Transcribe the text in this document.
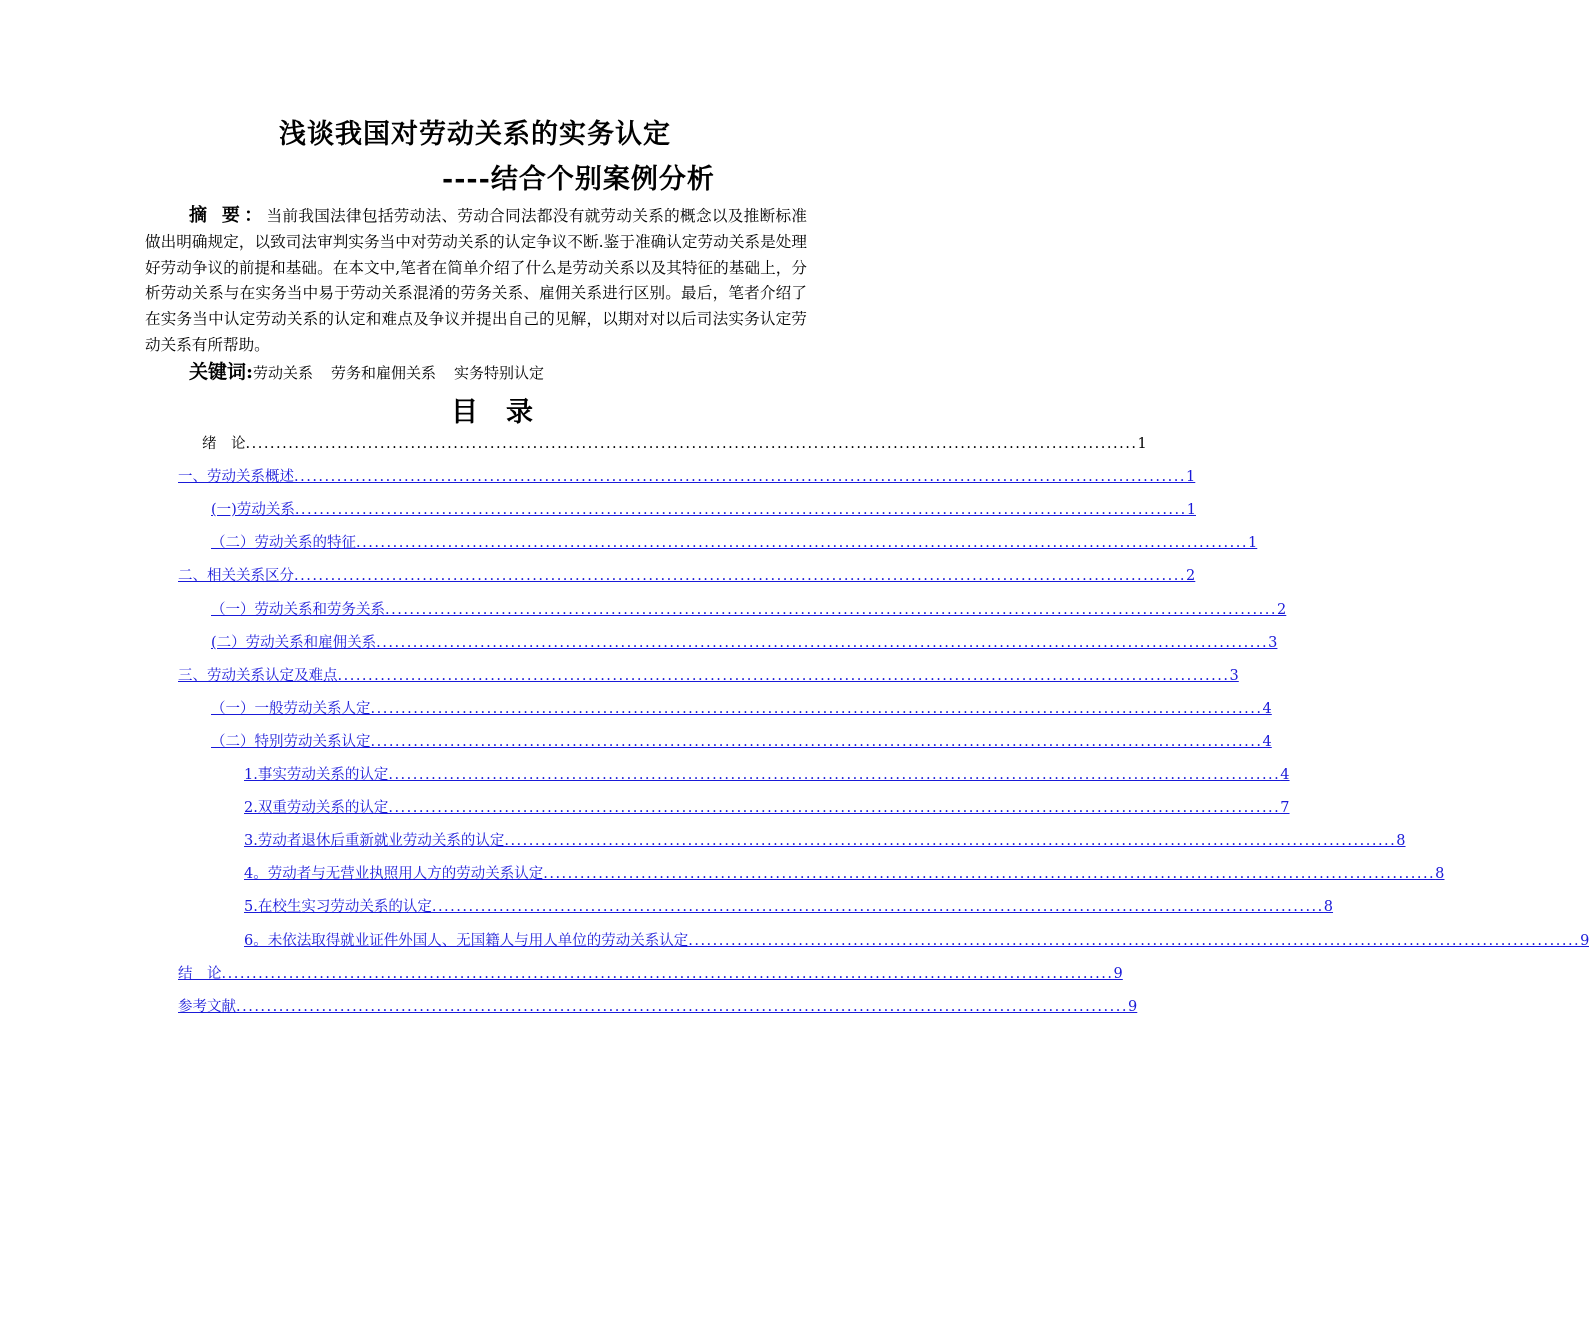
浅谈我国对劳动关系的实务认定
----结合个别案例分析
摘 要：当前我国法律包括劳动法、劳动合同法都没有就劳动关系的概念以及推断标准做出明确规定，以致司法审判实务当中对劳动关系的认定争议不断.鉴于准确认定劳动关系是处理好劳动争议的前提和基础。在本文中,笔者在简单介绍了什么是劳动关系以及其特征的基础上，分析劳动关系与在实务当中易于劳动关系混淆的劳务关系、雇佣关系进行区别。最后，笔者介绍了在实务当中认定劳动关系的认定和难点及争议并提出自己的见解，以期对对以后司法实务认定劳动关系有所帮助。
关键词:劳动关系 劳务和雇佣关系 实务特别认定
目录
绪　论 .................................................................................................................................................. 1
一、劳动关系概述 .................................................................................................................................................. 1
(一)劳动关系 .................................................................................................................................................. 1
（二）劳动关系的特征 .................................................................................................................................................. 1
二、相关关系区分 .................................................................................................................................................. 2
（一）劳动关系和劳务关系 .................................................................................................................................................. 2
(二）劳动关系和雇佣关系 .................................................................................................................................................. 3
三、劳动关系认定及难点 .................................................................................................................................................. 3
（一）一般劳动关系人定 .................................................................................................................................................. 4
（二）特别劳动关系认定 .................................................................................................................................................. 4
1.事实劳动关系的认定 .................................................................................................................................................. 4
2.双重劳动关系的认定 .................................................................................................................................................. 7
3.劳动者退休后重新就业劳动关系的认定 .................................................................................................................................................. 8
4。劳动者与无营业执照用人方的劳动关系认定 .................................................................................................................................................. 8
5.在校生实习劳动关系的认定 .................................................................................................................................................. 8
6。未依法取得就业证件外国人、无国籍人与用人单位的劳动关系认定 .................................................................................................................................................. 9
结　论 .................................................................................................................................................. 9
参考文献 .................................................................................................................................................. 9
